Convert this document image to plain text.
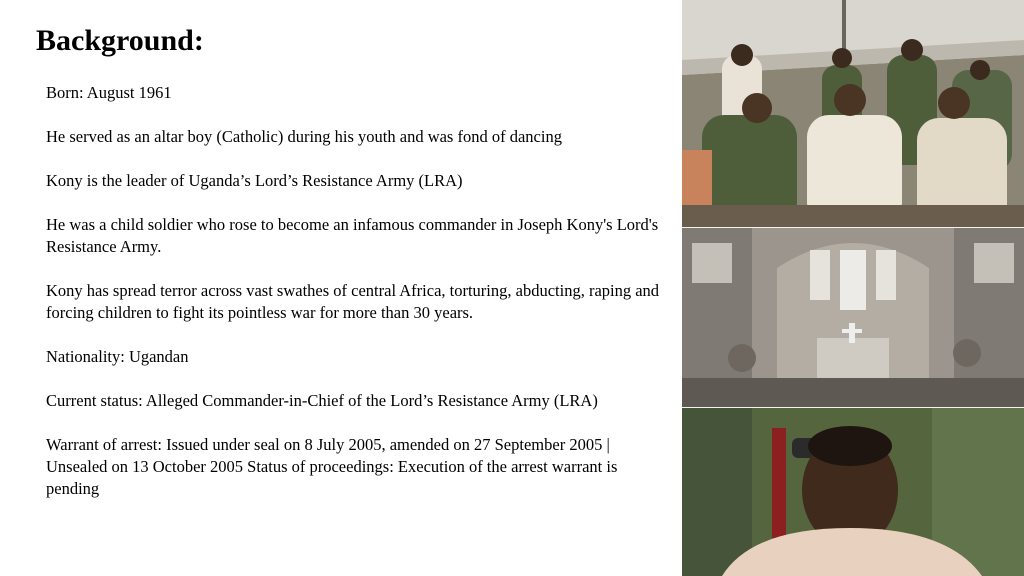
Background:
Born: August 1961
He served as an altar boy (Catholic) during his youth and was fond of dancing
Kony is the leader of Uganda’s Lord’s Resistance Army (LRA)
He was a child soldier who rose to become an infamous commander in Joseph Kony's Lord's Resistance Army.
Kony has spread terror across vast swathes of central Africa, torturing, abducting, raping and forcing children to fight its pointless war for more than 30 years.
Nationality: Ugandan
Current status: Alleged Commander-in-Chief of the Lord’s Resistance Army (LRA)
Warrant of arrest: Issued under seal on 8 July 2005, amended on 27 September 2005 | Unsealed on 13 October 2005 Status of proceedings: Execution of the arrest warrant is pending
